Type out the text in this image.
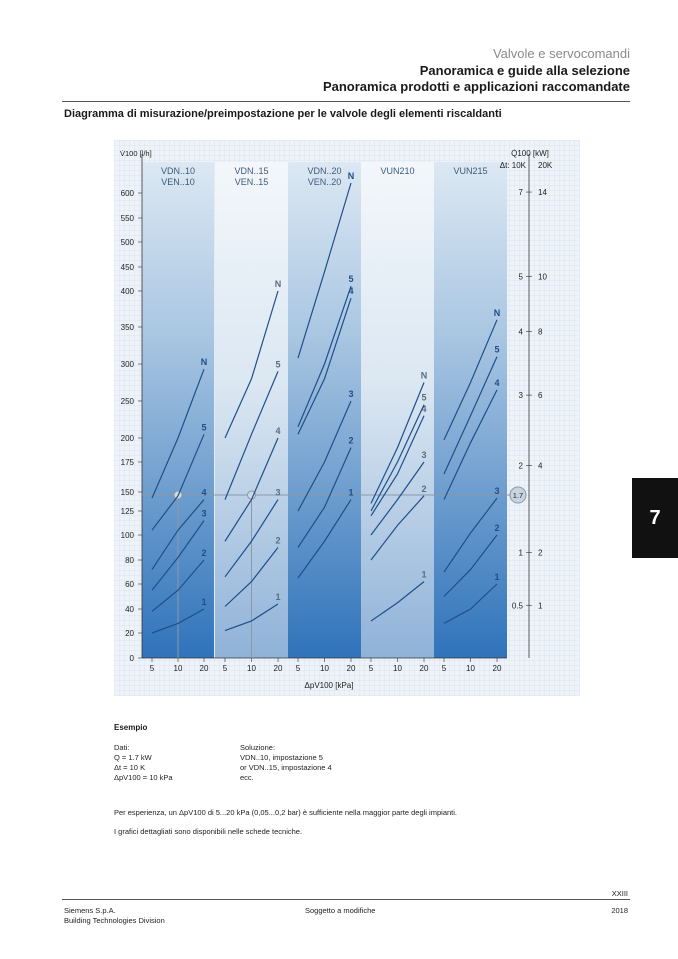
Valvole e servocomandi
Panoramica e guide alla selezione
Panoramica prodotti e applicazioni raccomandate
Diagramma di misurazione/preimpostazione per le valvole degli elementi riscaldanti
7
VDN..10
VEN..10
VDN..15
VEN..15
VDN..20
VEN..20
VUN210	VUN215
V̇100 [l/h]
0
20
40
60
80
100
125
150
175
200
250
300
350
400
450
500
550
600
5 10 20 5 10 20 5 10 20 5 10 20 5 10 20
ΔpV100 [kPa]
Q̇100 [kW]
Δt: 10K 20K
0.5 1
1 2
2 4
3 6
4 8
5 10
7 14
1.7
1
2
3
4
5
N
1
2
3
4
5
N
1
2
3
4
5
N
1
2
3
4
5
N
1
2
3
4
5
N
Esempio
Dati:
Q = 1.7 kW
Δt = 10 K
ΔpV100 = 10 kPa
Soluzione:
VDN..10, impostazione 5
or VDN..15, impostazione 4
ecc.
Per esperienza, un ΔpV100 di 5...20 kPa (0,05...0,2 bar) è sufficiente nella maggior parte degli impianti.
I grafici dettagliati sono disponibili nelle schede tecniche.
XXIII
Siemens S.p.A.
Building Technologies Division
Soggetto a modifiche	2018
